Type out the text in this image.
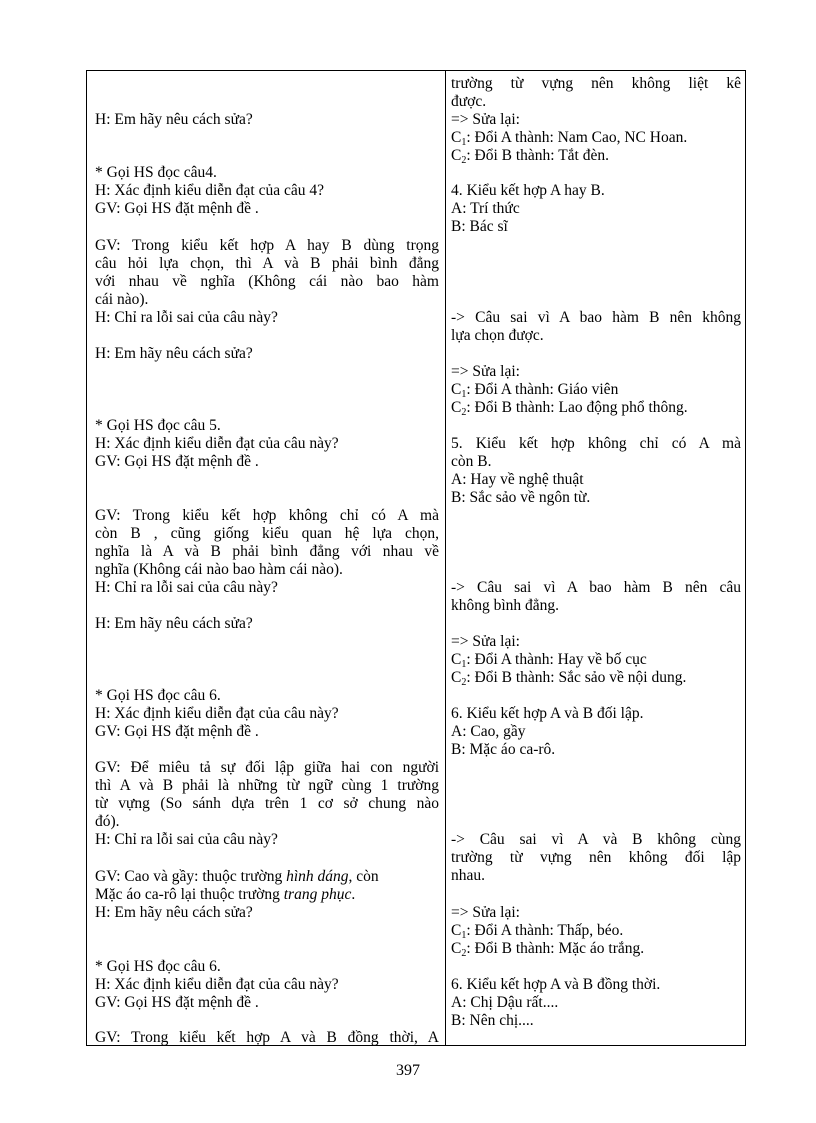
H: Em hãy nêu cách sửa?
* Gọi HS đọc câu4.
H: Xác định kiểu diễn đạt của câu 4?
GV: Gọi HS đặt mệnh đề .
GV: Trong kiểu kết hợp A hay B dùng trọng
câu hỏi lựa chọn, thì A và B phải bình đẳng
với nhau về nghĩa (Không cái nào bao hàm
cái nào).
H: Chỉ ra lỗi sai của câu này?
H: Em hãy nêu cách sửa?
* Gọi HS đọc câu 5.
H: Xác định kiểu diễn đạt của câu này?
GV: Gọi HS đặt mệnh đề .
GV: Trong kiểu kết hợp không chỉ có A mà
còn B , cũng giống kiểu quan hệ lựa chọn,
nghĩa là A và B phải bình đẳng với nhau về
nghĩa (Không cái nào bao hàm cái nào).
H: Chỉ ra lỗi sai của câu này?
H: Em hãy nêu cách sửa?
* Gọi HS đọc câu 6.
H: Xác định kiểu diễn đạt của câu này?
GV: Gọi HS đặt mệnh đề .
GV: Để miêu tả sự đối lập giữa hai con người
thì A và B phải là những từ ngữ cùng 1 trường
từ vựng (So sánh dựa trên 1 cơ sở chung nào
đó).
H: Chỉ ra lỗi sai của câu này?
GV: Cao và gầy: thuộc trường hình dáng, còn
Mặc áo ca-rô lại thuộc trường trang phục.
H: Em hãy nêu cách sửa?
* Gọi HS đọc câu 6.
H: Xác định kiểu diễn đạt của câu này?
GV: Gọi HS đặt mệnh đề .
GV: Trong kiểu kết hợp A và B đồng thời, A
trường từ vựng nên không liệt kê
được.
=> Sửa lại:
$C_1$: Đổi A thành: Nam Cao, NC Hoan.
$C_2$: Đổi B thành: Tắt đèn.
4. Kiểu kết hợp A hay B.
A: Trí thức
B: Bác sĩ
-> Câu sai vì A bao hàm B nên không
lựa chọn được.
=> Sửa lại:
$C_1$: Đổi A thành: Giáo viên
$C_2$: Đổi B thành: Lao động phổ thông.
5. Kiểu kết hợp không chỉ có A mà
còn B.
A: Hay về nghệ thuật
B: Sắc sảo về ngôn từ.
-> Câu sai vì A bao hàm B nên câu
không bình đẳng.
=> Sửa lại:
$C_1$: Đổi A thành: Hay về bố cục
$C_2$: Đổi B thành: Sắc sảo về nội dung.
6. Kiểu kết hợp A và B đối lập.
A: Cao, gầy
B: Mặc áo ca-rô.
-> Câu sai vì A và B không cùng
trường từ vựng nên không đối lập
nhau.
=> Sửa lại:
$C_1$: Đổi A thành: Thấp, béo.
$C_2$: Đổi B thành: Mặc áo trắng.
6. Kiểu kết hợp A và B đồng thời.
A: Chị Dậu rất....
B: Nên chị....
397
